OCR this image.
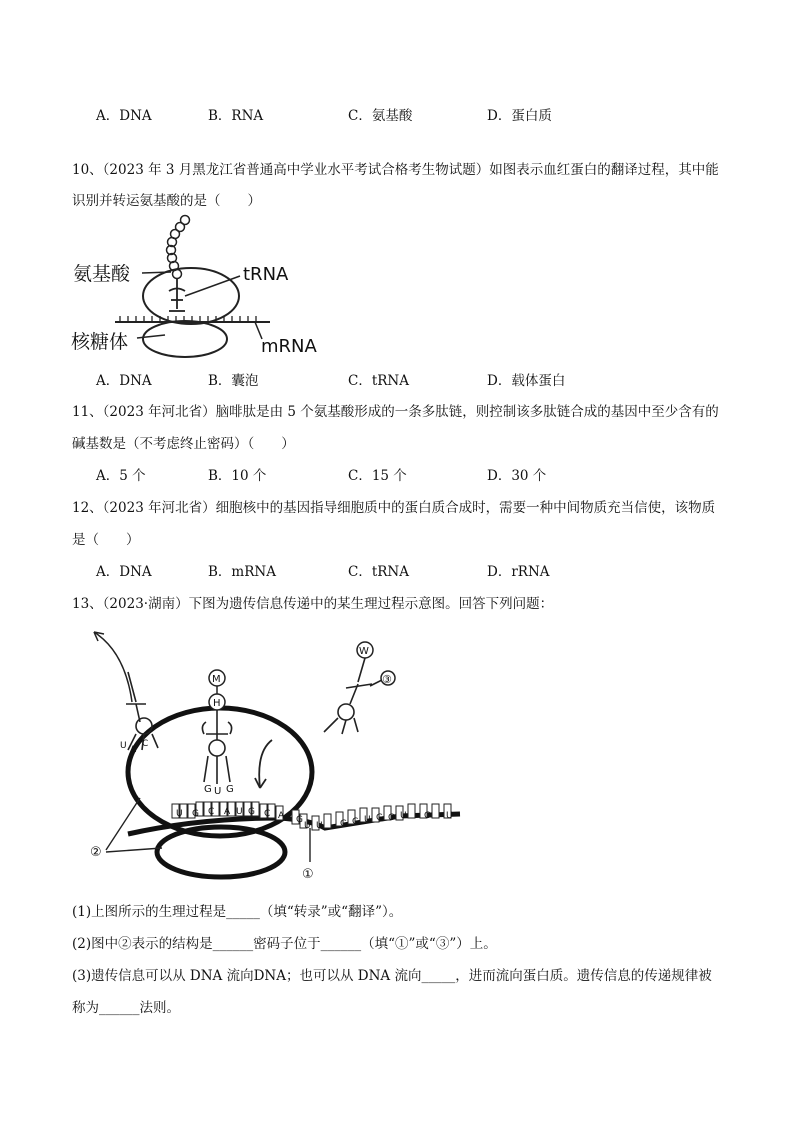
A．DNA	B．RNA	C．氨基酸	D．蛋白质
10、（2023 年 3 月黑龙江省普通高中学业水平考试合格考生物试题）如图表示血红蛋白的翻译过程，其中能
识别并转运氨基酸的是（　　）
氨基酸	tRNA
核糖体	mRNA
A．DNA	B．囊泡	C．tRNA	D．载体蛋白
11、（2023 年河北省）脑啡肽是由 5 个氨基酸形成的一条多肽链，则控制该多肽链合成的基因中至少含有的
碱基数是（不考虑终止密码）（　　）
A．5 个	B．10 个	C．15 个	D．30 个
12、（2023 年河北省）细胞核中的基因指导细胞质中的蛋白质合成时，需要一种中间物质充当信使，该物质
是（　　）
A．DNA	B．mRNA	C．tRNA	D．rRNA
13、（2023·湖南）下图为遗传信息传递中的某生理过程示意图。回答下列问题：
U G C A U G C A G
U U G C U G C U C U
U A
C
M
H
G U G
W
③
②
①
(1)上图所示的生理过程是_____（填“转录”或“翻译”）。
(2)图中②表示的结构是______密码子位于______（填“①”或“③”）上。
(3)遗传信息可以从 DNA 流向DNA；也可以从 DNA 流向_____，进而流向蛋白质。遗传信息的传递规律被
称为______法则。
